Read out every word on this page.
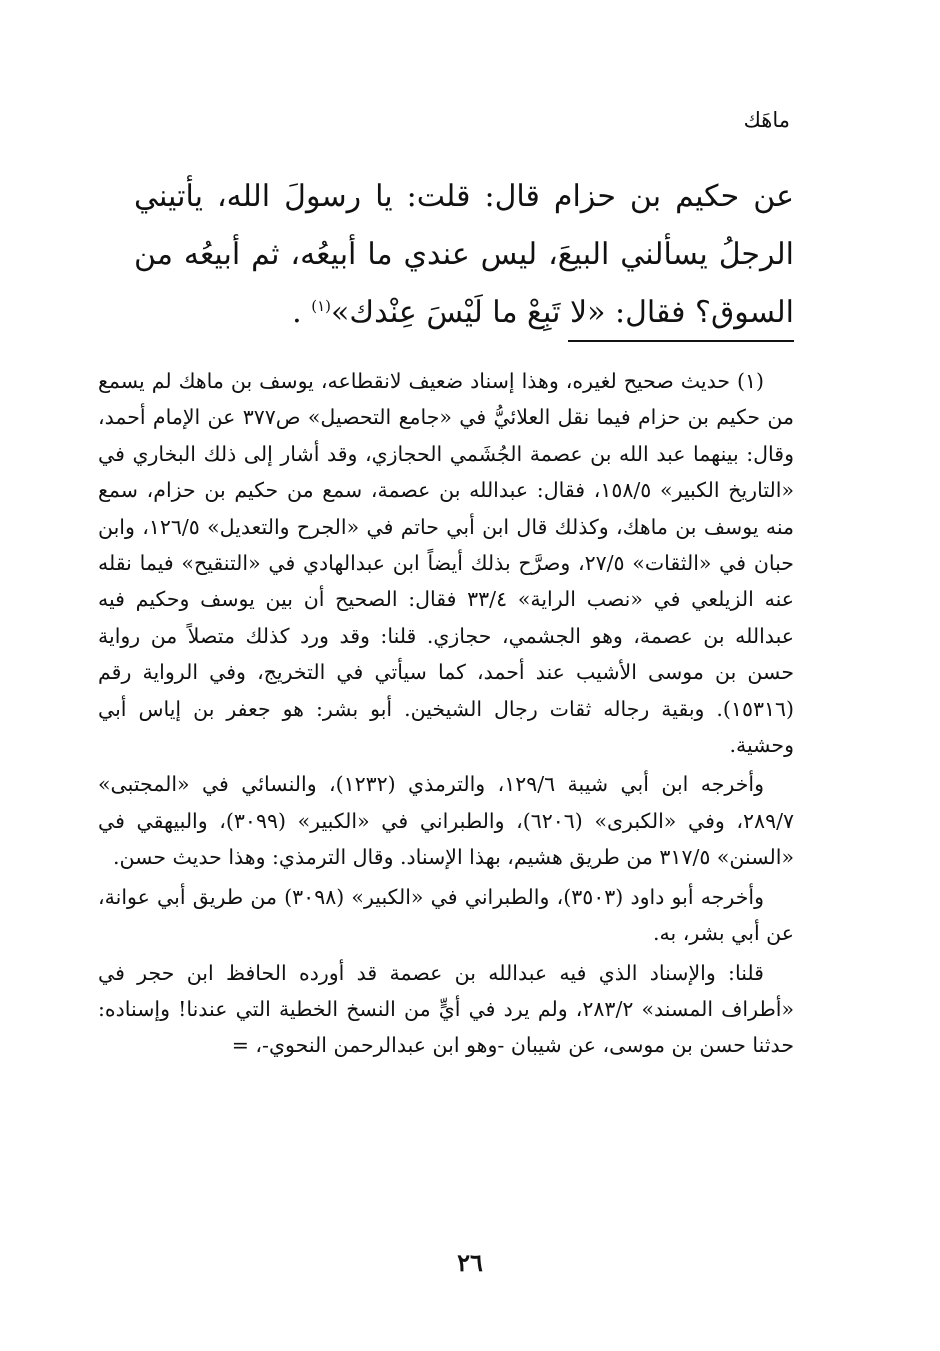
ماهَك
عن حكيم بن حزام قال: قلت: يا رسولَ الله، يأتيني الرجلُ يسألني البيعَ، ليس عندي ما أبيعُه، ثم أبيعُه من السوق؟ فقال: «لا تَبِعْ ما لَيْسَ عِنْدك»$^{(١)}$ .

(١) حديث صحيح لغيره، وهذا إسناد ضعيف لانقطاعه، يوسف بن ماهك لم يسمع من حكيم بن حزام فيما نقل العلائيُّ في «جامع التحصيل» ص٣٧٧ عن الإمام أحمد، وقال: بينهما عبد الله بن عصمة الجُشَمي الحجازي، وقد أشار إلى ذلك البخاري في «التاريخ الكبير» ١٥٨/٥، فقال: عبدالله بن عصمة، سمع من حكيم بن حزام، سمع منه يوسف بن ماهك، وكذلك قال ابن أبي حاتم في «الجرح والتعديل» ١٢٦/٥، وابن حبان في «الثقات» ٢٧/٥، وصرَّح بذلك أيضاً ابن عبدالهادي في «التنقيح» فيما نقله عنه الزيلعي في «نصب الراية» ٣٣/٤ فقال: الصحيح أن بين يوسف وحكيم فيه عبدالله بن عصمة، وهو الجشمي، حجازي. قلنا: وقد ورد كذلك متصلاً من رواية حسن بن موسى الأشيب عند أحمد، كما سيأتي في التخريج، وفي الرواية رقم (١٥٣١٦). وبقية رجاله ثقات رجال الشيخين. أبو بشر: هو جعفر بن إياس أبي وحشية.

وأخرجه ابن أبي شيبة ١٢٩/٦، والترمذي (١٢٣٢)، والنسائي في «المجتبى» ٢٨٩/٧، وفي «الكبرى» (٦٢٠٦)، والطبراني في «الكبير» (٣٠٩٩)، والبيهقي في «السنن» ٣١٧/٥ من طريق هشيم، بهذا الإسناد. وقال الترمذي: وهذا حديث حسن.

وأخرجه أبو داود (٣٥٠٣)، والطبراني في «الكبير» (٣٠٩٨) من طريق أبي عوانة، عن أبي بشر، به.

قلنا: والإسناد الذي فيه عبدالله بن عصمة قد أورده الحافظ ابن حجر في «أطراف المسند» ٢٨٣/٢، ولم يرد في أيٍّ من النسخ الخطية التي عندنا! وإسناده: حدثنا حسن بن موسى، عن شيبان -وهو ابن عبدالرحمن النحوي-، =

٢٦
